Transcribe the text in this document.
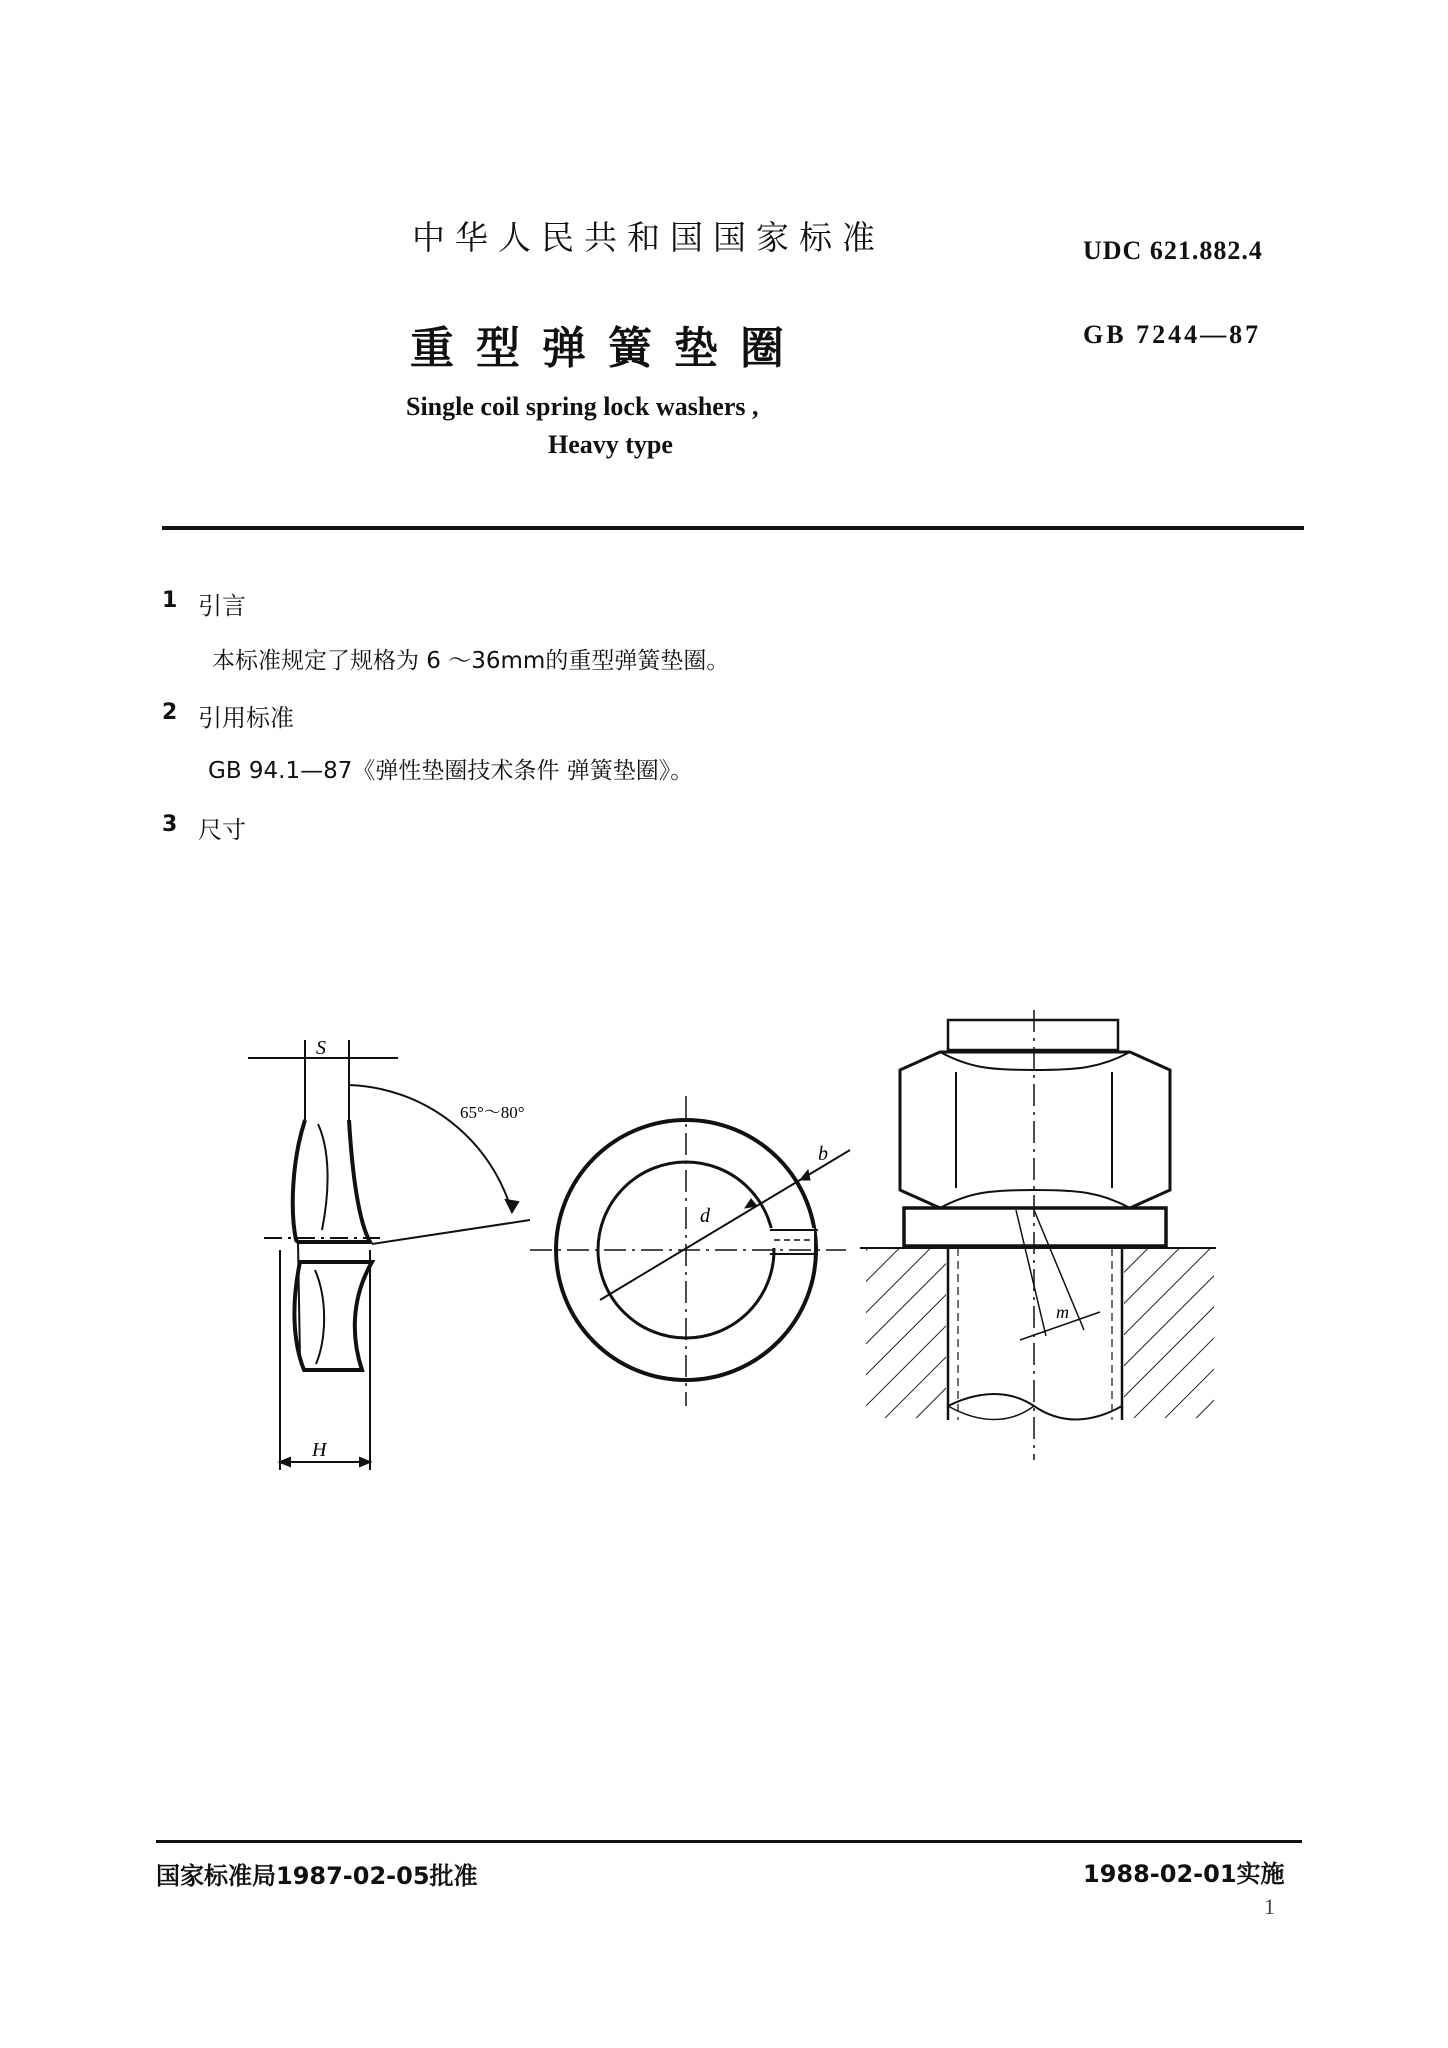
中华人民共和国国家标准	UDC 621.882.4
重型弹簧垫圈	GB 7244—87
Single coil spring lock washers ,
Heavy type
1 引言
本标准规定了规格为 6 ～36mm的重型弹簧垫圈。
2 引用标准
GB 94.1—87《弹性垫圈技术条件 弹簧垫圈》。
3 尺寸
S
H
65°～80°
d
b
m
国家标准局1987-02-05批准	1988-02-01实施
1
